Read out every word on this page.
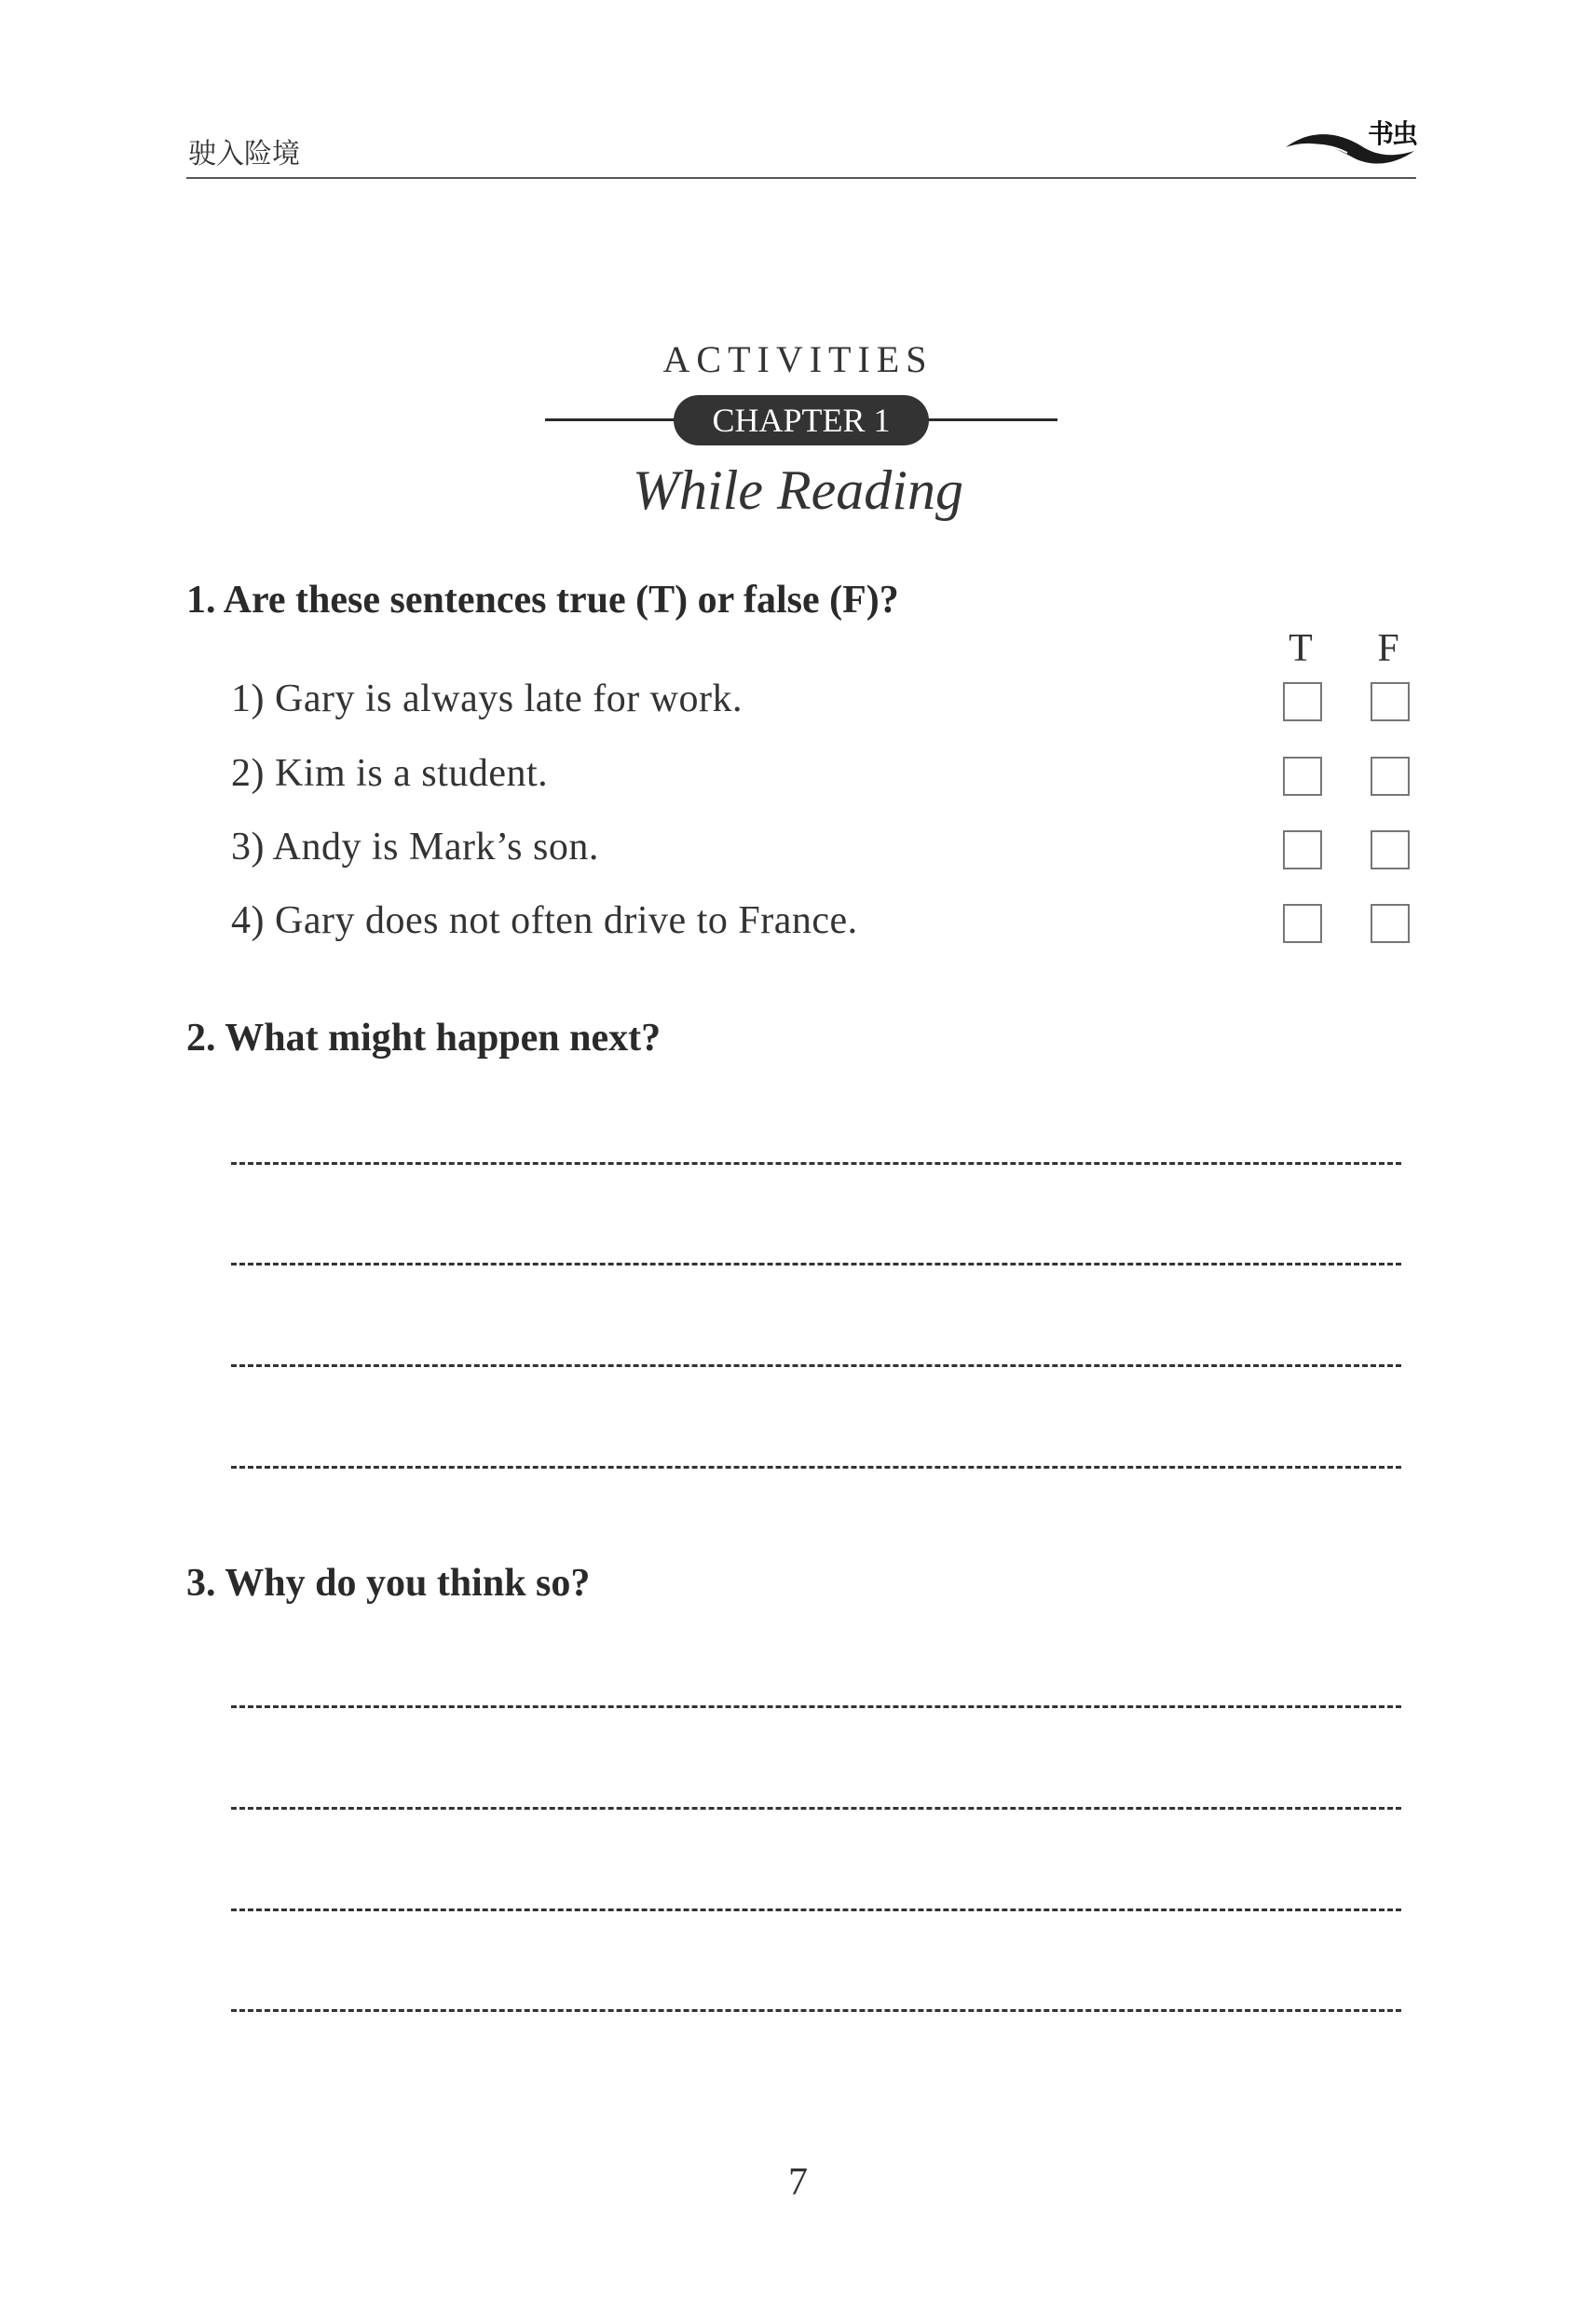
驶入险境
书虫
ACTIVITIES
CHAPTER 1
While Reading
1. Are these sentences true (T) or false (F)?
T F
1) Gary is always late for work.
2) Kim is a student.
3) Andy is Mark’s son.
4) Gary does not often drive to France.
2. What might happen next?
3. Why do you think so?
7
